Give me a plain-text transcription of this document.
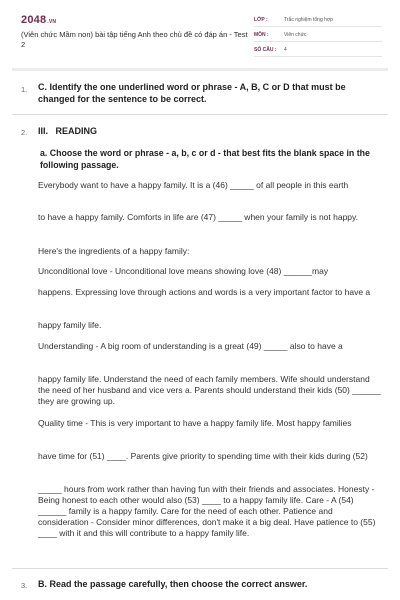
2048.VN
(Viên chức Mầm non) bài tập tiếng Anh theo chủ đề có đáp án - Test 2
LỚP :	Trắc nghiệm tổng hợp
MÔN :	Viên chức
SỐ CÂU :	4
1. C. Identify the one underlined word or phrase - A, B, C or D that must be changed for the sentence to be correct.
2. III.   READING
a. Choose the word or phrase - a, b, c or d - that best fits the blank space in the following passage.
Everybody want to have a happy family. It is a (46) _____ of all people in this earth
to have a happy family. Comforts in life are (47) _____ when your family is not happy.
Here's the ingredients of a happy family:
Unconditional love - Unconditional love means showing love (48) ______may
happens. Expressing love through actions and words is a very important factor to have a
happy family life.
Understanding - A big room of understanding is a great (49) _____ also to have a
happy family life. Understand the need of each family members. Wife should understand the need of her husband and vice vers a. Parents should understand their kids (50) ______ they are growing up.
Quality time - This is very important to have a happy family life. Most happy families
have time for (51) ____. Parents give priority to spending time with their kids during (52)
_____ hours from work rather than having fun with their friends and associates. Honesty - Being honest to each other would also (53) ____ to a happy family life. Care - A (54) ______ family is a happy family. Care for the need of each other. Patience and consideration - Consider minor differences, don't make it a big deal. Have patience to (55) ____ with it and this will contribute to a happy family life.
3. B. Read the passage carefully, then choose the correct answer.
